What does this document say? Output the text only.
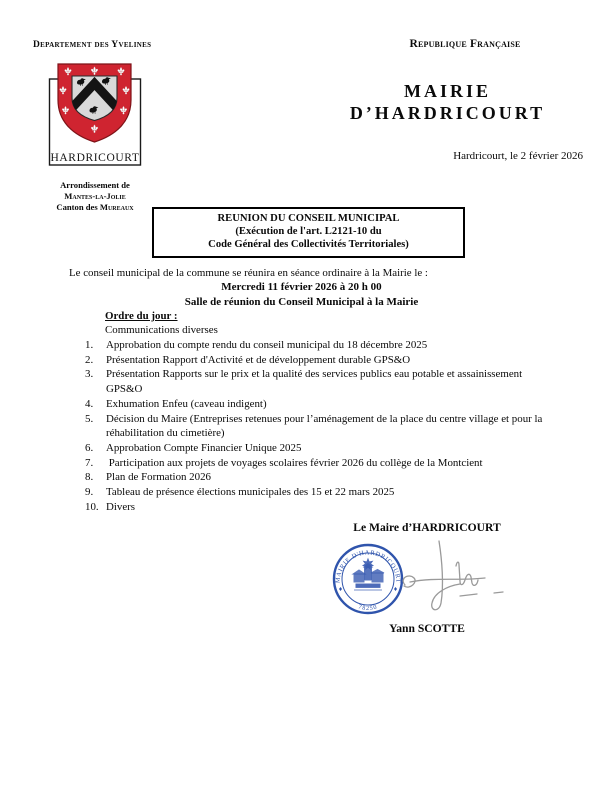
Departement des Yvelines
HARDRICOURT
Arrondissement de
Mantes-la-Jolie
Canton des Mureaux
Republique Française
MAIRIE
D’HARDRICOURT
Hardricourt, le 2 février 2026
REUNION DU CONSEIL MUNICIPAL
(Exécution de l'art. L2121-10 du
Code Général des Collectivités Territoriales)
Le conseil municipal de la commune se réunira en séance ordinaire à la Mairie le :
Mercredi 11 février 2026 à 20 h 00
Salle de réunion du Conseil Municipal à la Mairie
Ordre du jour :
Communications diverses
1.	Approbation du compte rendu du conseil municipal du 18 décembre 2025
2.	Présentation Rapport d'Activité et de développement durable GPS&O
3.	Présentation Rapports sur le prix et la qualité des services publics eau potable et assainissement GPS&O
4.	Exhumation Enfeu (caveau indigent)
5.	Décision du Maire (Entreprises retenues pour l’aménagement de la place du centre village et pour la réhabilitation du cimetière)
6.	Approbation Compte Financier Unique 2025
7.	Participation aux projets de voyages scolaires février 2026 du collège de la Montcient
8.	Plan de Formation 2026
9.	Tableau de présence élections municipales des 15 et 22 mars 2025
10. Divers
Le Maire d’HARDRICOURT
MAIRIE D'HARDRICOURT
78250
Yann SCOTTE
